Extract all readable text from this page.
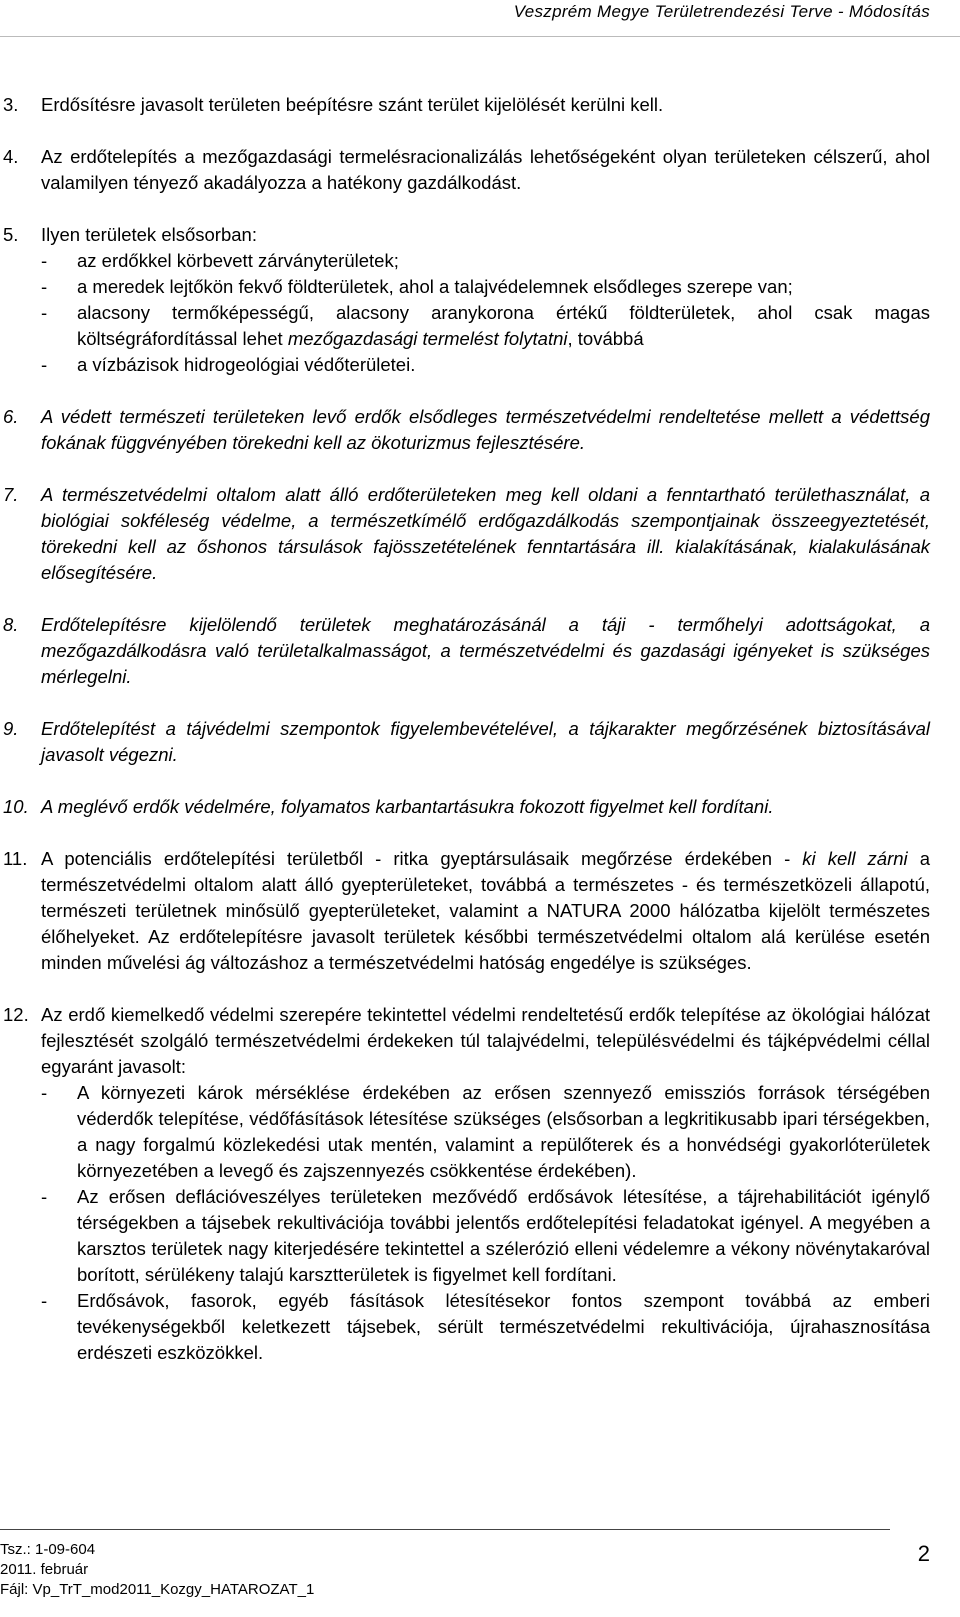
Veszprém Megye Területrendezési Terve - Módosítás
3. Erdősítésre javasolt területen beépítésre szánt terület kijelölését kerülni kell.
4. Az erdőtelepítés a mezőgazdasági termelésracionalizálás lehetőségeként olyan területeken célszerű, ahol valamilyen tényező akadályozza a hatékony gazdálkodást.
5. Ilyen területek elsősorban:
- az erdőkkel körbevett zárványterületek;
- a meredek lejtőkön fekvő földterületek, ahol a talajvédelemnek elsődleges szerepe van;
- alacsony termőképességű, alacsony aranykorona értékű földterületek, ahol csak magas költségráfordítással lehet mezőgazdasági termelést folytatni, továbbá
- a vízbázisok hidrogeológiai védőterületei.
6. A védett természeti területeken levő erdők elsődleges természetvédelmi rendeltetése mellett a védettség fokának függvényében törekedni kell az ökoturizmus fejlesztésére.
7. A természetvédelmi oltalom alatt álló erdőterületeken meg kell oldani a fenntartható területhasználat, a biológiai sokféleség védelme, a természetkímélő erdőgazdálkodás szempontjainak összeegyeztetését, törekedni kell az őshonos társulások fajösszetételének fenntartására ill. kialakításának, kialakulásának elősegítésére.
8. Erdőtelepítésre kijelölendő területek meghatározásánál a táji - termőhelyi adottságokat, a mezőgazdálkodásra való területalkalmasságot, a természetvédelmi és gazdasági igényeket is szükséges mérlegelni.
9. Erdőtelepítést a tájvédelmi szempontok figyelembevételével, a tájkarakter megőrzésének biztosításával javasolt végezni.
10. A meglévő erdők védelmére, folyamatos karbantartásukra fokozott figyelmet kell fordítani.
11. A potenciális erdőtelepítési területből - ritka gyeptársulásaik megőrzése érdekében - ki kell zárni a természetvédelmi oltalom alatt álló gyepterületeket, továbbá a természetes - és természetközeli állapotú, természeti területnek minősülő gyepterületeket, valamint a NATURA 2000 hálózatba kijelölt természetes élőhelyeket. Az erdőtelepítésre javasolt területek későbbi természetvédelmi oltalom alá kerülése esetén minden művelési ág változáshoz a természetvédelmi hatóság engedélye is szükséges.
12. Az erdő kiemelkedő védelmi szerepére tekintettel védelmi rendeltetésű erdők telepítése az ökológiai hálózat fejlesztését szolgáló természetvédelmi érdekeken túl talajvédelmi, településvédelmi és tájképvédelmi céllal egyaránt javasolt:
- A környezeti károk mérséklése érdekében az erősen szennyező emissziós források térségében véderdők telepítése, védőfásítások létesítése szükséges (elsősorban a legkritikusabb ipari térségekben, a nagy forgalmú közlekedési utak mentén, valamint a repülőterek és a honvédségi gyakorlóterületek környezetében a levegő és zajszennyezés csökkentése érdekében).
- Az erősen deflációveszélyes területeken mezővédő erdősávok létesítése, a tájrehabilitációt igénylő térségekben a tájsebek rekultivációja további jelentős erdőtelepítési feladatokat igényel. A megyében a karsztos területek nagy kiterjedésére tekintettel a szélerózió elleni védelemre a vékony növénytakaróval borított, sérülékeny talajú karsztterületek is figyelmet kell fordítani.
- Erdősávok, fasorok, egyéb fásítások létesítésekor fontos szempont továbbá az emberi tevékenységekből keletkezett tájsebek, sérült természetvédelmi rekultivációja, újrahasznosítása erdészeti eszközökkel.
Tsz.: 1-09-604
2011. február
Fájl: Vp_TrT_mod2011_Kozgy_HATAROZAT_1
2
